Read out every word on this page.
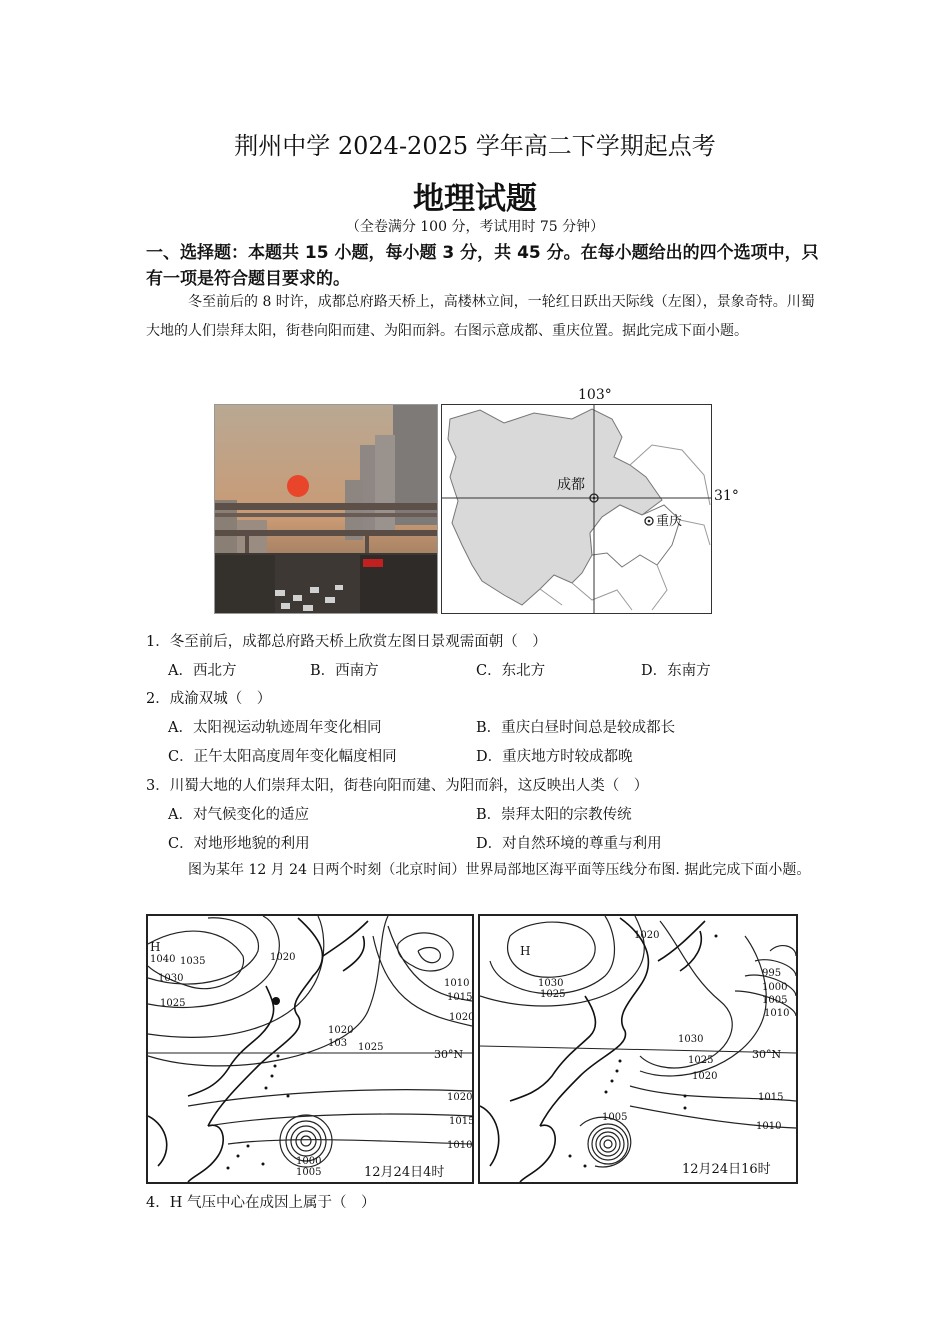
荆州中学 2024-2025 学年高二下学期起点考
地理试题
（全卷满分 100 分，考试用时 75 分钟）
一、选择题：本题共 15 小题，每小题 3 分，共 45 分。在每小题给出的四个选项中，只有一项是符合题目要求的。
冬至前后的 8 时许，成都总府路天桥上，高楼林立间，一轮红日跃出天际线（左图），景象奇特。川蜀大地的人们崇拜太阳，街巷向阳而建、为阳而斜。右图示意成都、重庆位置。据此完成下面小题。
103°
31°
成都
重庆
1．冬至前后，成都总府路天桥上欣赏左图日景观需面朝（　）
A．西北方	B．西南方	C．东北方	D．东南方
2．成渝双城（　）
A．太阳视运动轨迹周年变化相同	B．重庆白昼时间总是较成都长
C．正午太阳高度周年变化幅度相同	D．重庆地方时较成都晚
3．川蜀大地的人们崇拜太阳，街巷向阳而建、为阳而斜，这反映出人类（　）
A．对气候变化的适应	B．崇拜太阳的宗教传统
C．对地形地貌的利用	D．对自然环境的尊重与利用
图为某年 12 月 24 日两个时刻（北京时间）世界局部地区海平面等压线分布图. 据此完成下面小题。
H
1040 1035
1030
1025
1020
1010
1015
1020
1020
103 1025
1020
1015
1010
1000
1005
30°N
12月24日4时
H
1020
1030
1025
995
1000
1005
1010
1030
1025
1020
1015
1010
1005
30°N
12月24日16时
4．H 气压中心在成因上属于（　）
